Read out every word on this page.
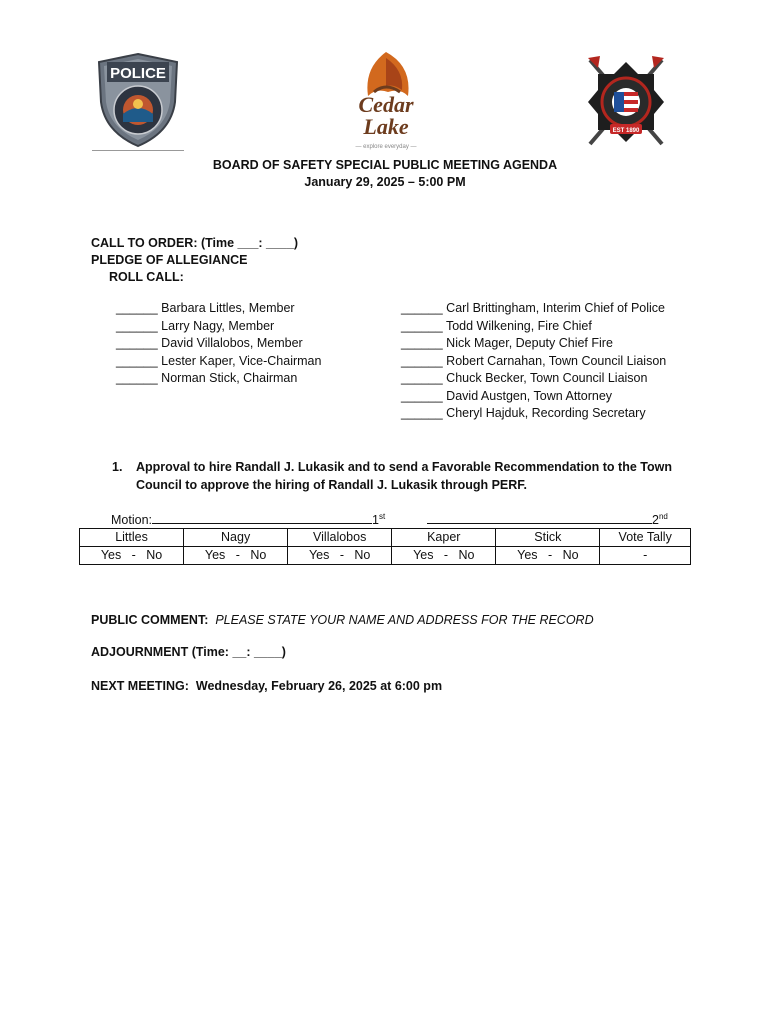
POLICE
Cedar
Lake
— explore everyday —
EST 1890
BOARD OF SAFETY SPECIAL PUBLIC MEETING AGENDA
January 29, 2025 – 5:00 PM
CALL TO ORDER: (Time ___: ____)
PLEDGE OF ALLEGIANCE
ROLL CALL:
______ Barbara Littles, Member
______ Larry Nagy, Member
______ David Villalobos, Member
______ Lester Kaper, Vice-Chairman
______ Norman Stick, Chairman
______ Carl Brittingham, Interim Chief of Police
______ Todd Wilkening, Fire Chief
______ Nick Mager, Deputy Chief Fire
______ Robert Carnahan, Town Council Liaison
______ Chuck Becker, Town Council Liaison
______ David Austgen, Town Attorney
______ Cheryl Hajduk, Recording Secretary
1. Approval to hire Randall J. Lukasik and to send a Favorable Recommendation to the Town
Council to approve the hiring of Randall J. Lukasik through PERF.
Motion:	1st	2nd
Littles	Nagy	Villalobos	Kaper	Stick	Vote Tally
Yes - No	Yes - No	Yes - No	Yes - No	Yes - No	-
PUBLIC COMMENT: PLEASE STATE YOUR NAME AND ADDRESS FOR THE RECORD
ADJOURNMENT (Time: __: ____)
NEXT MEETING: Wednesday, February 26, 2025 at 6:00 pm
